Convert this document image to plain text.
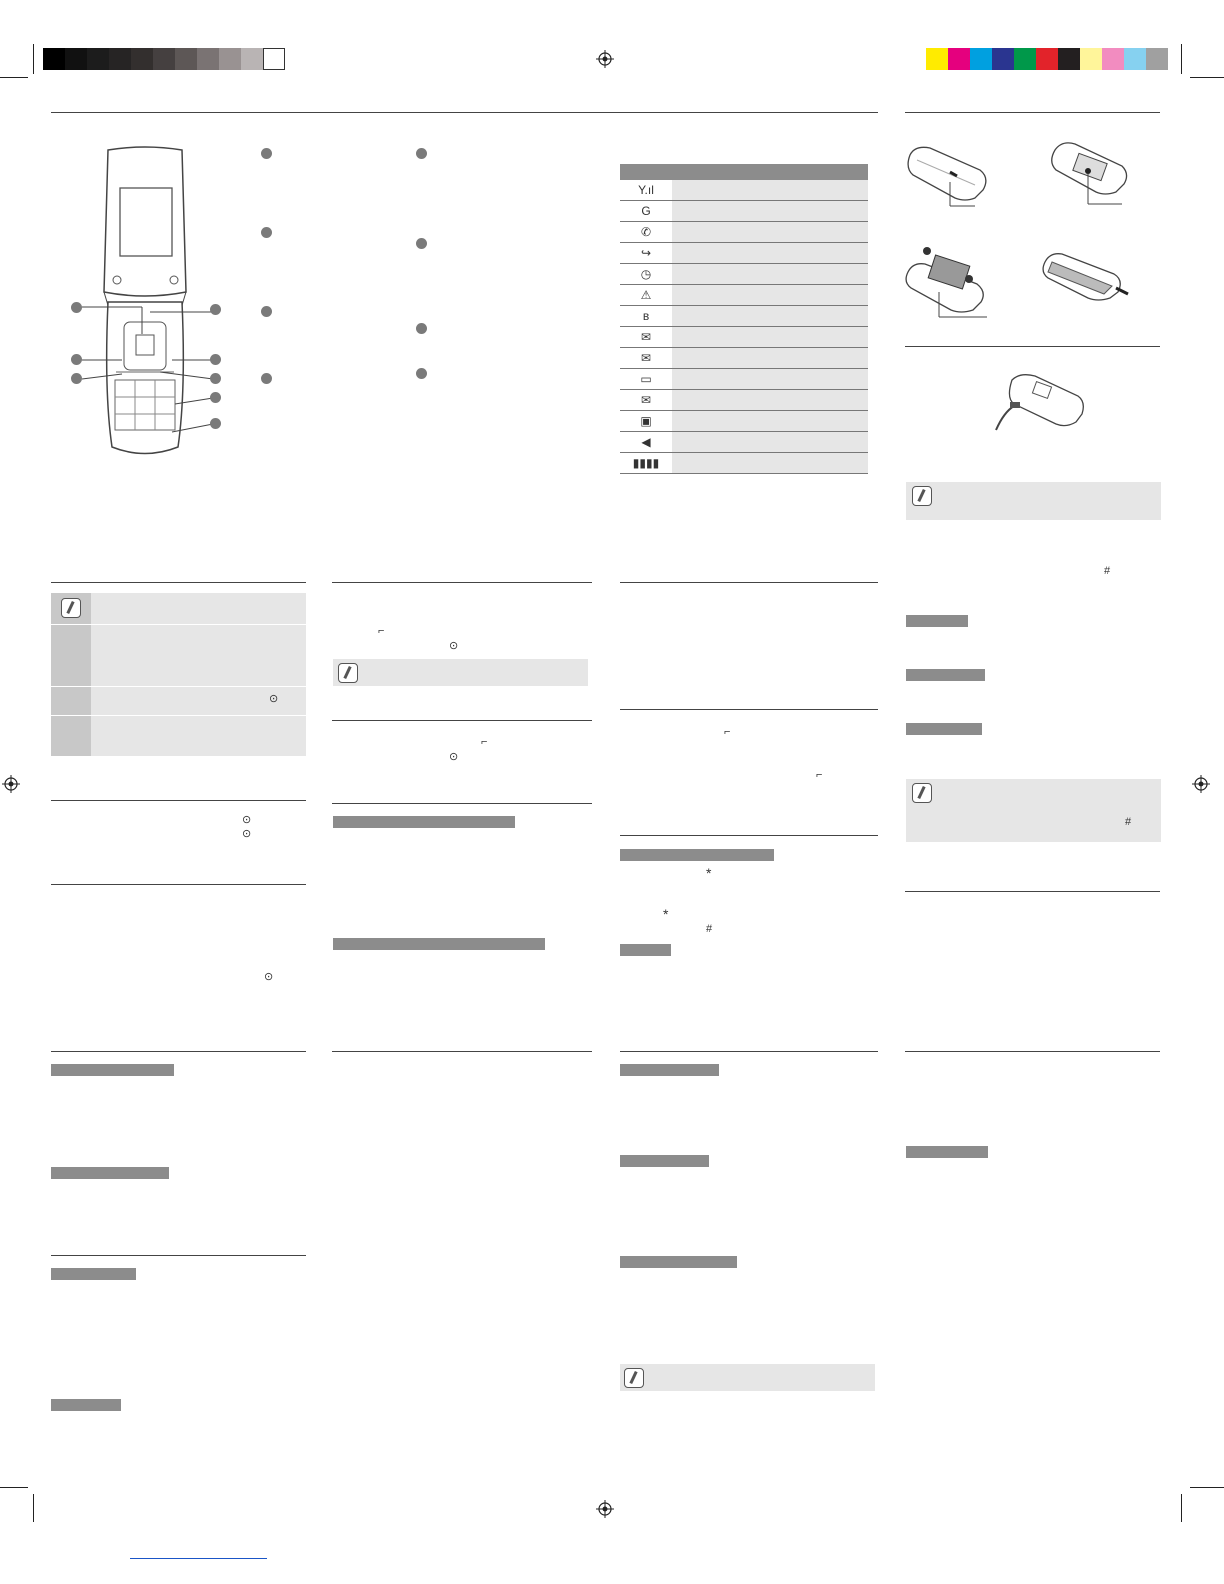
Y.ıl	
G	
✆	
↪	
◷	
⚠	
ʙ	
✉	
✉	
▭	
✉	
▣	
◀	
▮▮▮▮	
#
#
⊙
⊙
⊙
⊙
⌐
⊙
⌐
⊙
⌐
⌐
*
*
#
